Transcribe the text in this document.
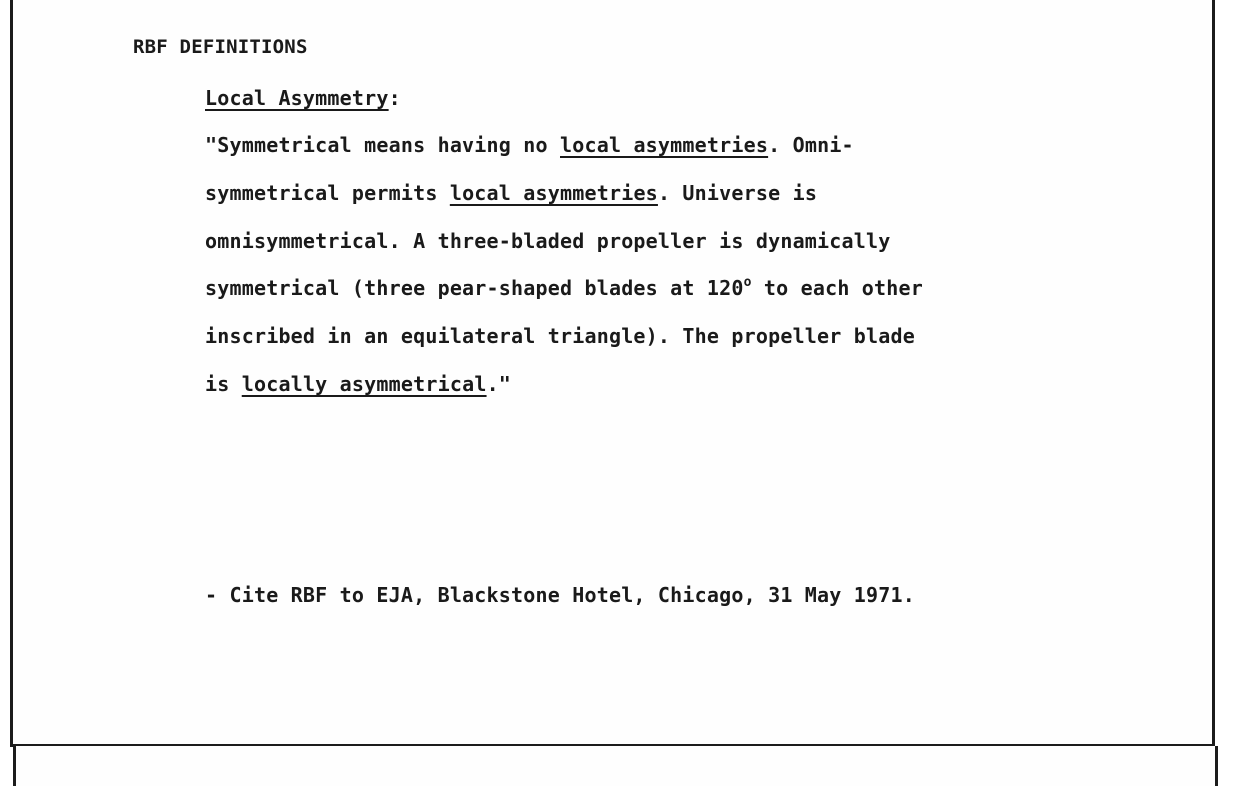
RBF DEFINITIONS
Local Asymmetry:
"Symmetrical means having no local asymmetries. Omni-
symmetrical permits local asymmetries. Universe is
omnisymmetrical. A three-bladed propeller is dynamically
symmetrical (three pear-shaped blades at 120$^o$ to each other
inscribed in an equilateral triangle). The propeller blade
is locally asymmetrical."
- Cite RBF to EJA, Blackstone Hotel, Chicago, 31 May 1971.
